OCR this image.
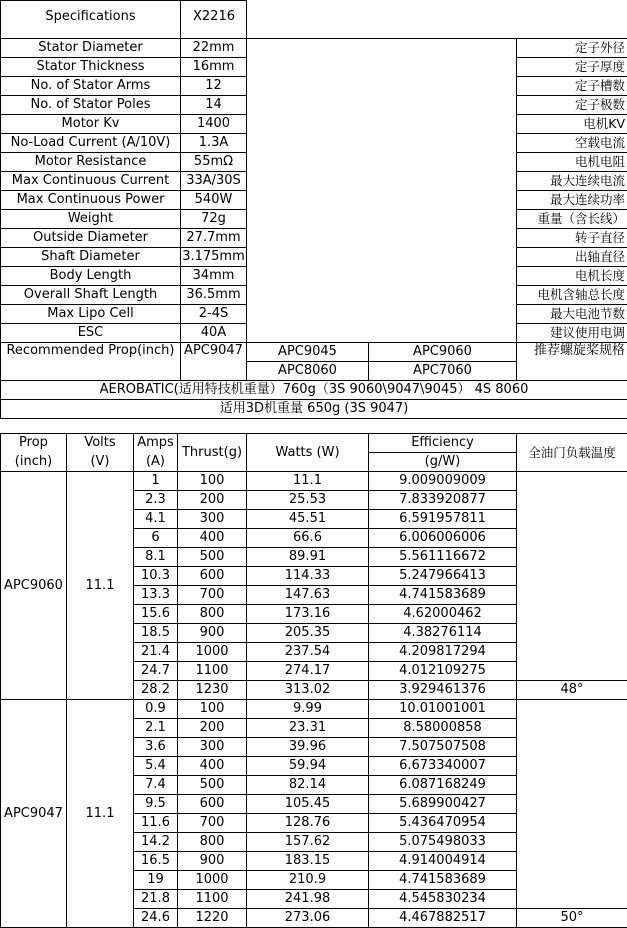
Specifications	X2216			
Stator Diameter	22mm			定子外径
Stator Thickness	16mm			定子厚度
No. of Stator Arms	12			定子槽数
No. of Stator Poles	14			定子极数
Motor Kv	1400			电机KV
No-Load Current (A/10V)	1.3A			空载电流
Motor Resistance	55mΩ			电机电阻
Max Continuous Current	33A/30S			最大连续电流
Max Continuous Power	540W			最大连续功率
Weight	72g			重量（含长线）
Outside Diameter	27.7mm			转子直径
Shaft Diameter	3.175mm			出轴直径
Body Length	34mm			电机长度
Overall Shaft Length	36.5mm			电机含轴总长度
Max Lipo Cell	2-4S			最大电池节数
ESC	40A			建议使用电调
Recommended Prop(inch)	APC9047	APC9045	APC9060	推荐螺旋桨规格
		APC8060	APC7060	
AEROBATIC(适用特技机重量）760g（3S 9060\9047\9045） 4S 8060				
适用3D机重量 650g (3S 9047)				
Prop	Volts	Amps	Thrust(g)	Watts (W)	Efficiency	全油门负载温度
(inch)	(V)	(A)			(g/W)	
APC9060	11.1	1	100	11.1	9.009009009	
		2.3	200	25.53	7.833920877	
		4.1	300	45.51	6.591957811	
		6	400	66.6	6.006006006	
		8.1	500	89.91	5.561116672	
		10.3	600	114.33	5.247966413	
		13.3	700	147.63	4.741583689	
		15.6	800	173.16	4.62000462	
		18.5	900	205.35	4.38276114	
		21.4	1000	237.54	4.209817294	
		24.7	1100	274.17	4.012109275	
		28.2	1230	313.02	3.929461376	48°
APC9047	11.1	0.9	100	9.99	10.01001001	
		2.1	200	23.31	8.58000858	
		3.6	300	39.96	7.507507508	
		5.4	400	59.94	6.673340007	
		7.4	500	82.14	6.087168249	
		9.5	600	105.45	5.689900427	
		11.6	700	128.76	5.436470954	
		14.2	800	157.62	5.075498033	
		16.5	900	183.15	4.914004914	
		19	1000	210.9	4.741583689	
		21.8	1100	241.98	4.545830234	
		24.6	1220	273.06	4.467882517	50°
